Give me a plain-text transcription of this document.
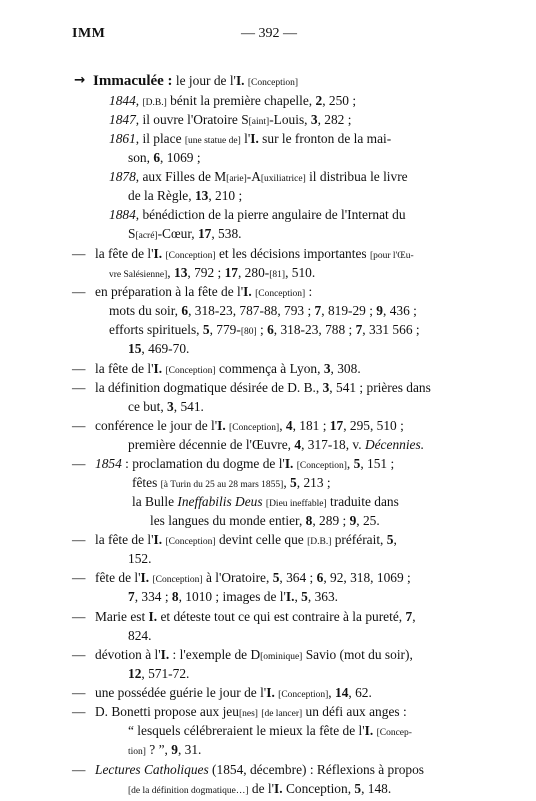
IMM	— 392 —
→ Immaculée : le jour de l'I. [Conception]
1844, [D.B.] bénit la première chapelle, 2, 250 ;
1847, il ouvre l'Oratoire S[aint]-Louis, 3, 282 ;
1861, il place [une statue de] l'I. sur le fronton de la mai-
son, 6, 1069 ;
1878, aux Filles de M[arie]-A[uxiliatrice] il distribua le livre
de la Règle, 13, 210 ;
1884, bénédiction de la pierre angulaire de l'Internat du
S[acré]-Cœur, 17, 538.
— la fête de l'I. [Conception] et les décisions importantes [pour l'Œu-
vre Salésienne], 13, 792 ; 17, 280-[81], 510.
— en préparation à la fête de l'I. [Conception] :
mots du soir, 6, 318-23, 787-88, 793 ; 7, 819-29 ; 9, 436 ;
efforts spirituels, 5, 779-[80] ; 6, 318-23, 788 ; 7, 331 566 ;
15, 469-70.
— la fête de l'I. [Conception] commença à Lyon, 3, 308.
— la définition dogmatique désirée de D. B., 3, 541 ; prières dans
ce but, 3, 541.
— conférence le jour de l'I. [Conception], 4, 181 ; 17, 295, 510 ;
première décennie de l'Œuvre, 4, 317-18, v. Décennies.
— 1854 : proclamation du dogme de l'I. [Conception], 5, 151 ;
fêtes [à Turin du 25 au 28 mars 1855], 5, 213 ;
la Bulle Ineffabilis Deus [Dieu ineffable] traduite dans
les langues du monde entier, 8, 289 ; 9, 25.
— la fête de l'I. [Conception] devint celle que [D.B.] préférait, 5,
152.
— fête de l'I. [Conception] à l'Oratoire, 5, 364 ; 6, 92, 318, 1069 ;
7, 334 ; 8, 1010 ; images de l'I., 5, 363.
— Marie est I. et déteste tout ce qui est contraire à la pureté, 7,
824.
— dévotion à l'I. : l'exemple de D[ominique] Savio (mot du soir),
12, 571-72.
— une possédée guérie le jour de l'I. [Conception], 14, 62.
— D. Bonetti propose aux jeu[nes] [de lancer] un défi aux anges :
“ lesquels célébreraient le mieux la fête de l'I. [Concep-
tion] ? ”, 9, 31.
— Lectures Catholiques (1854, décembre) : Réflexions à propos
[de la définition dogmatique…] de l'I. Conception, 5, 148.
